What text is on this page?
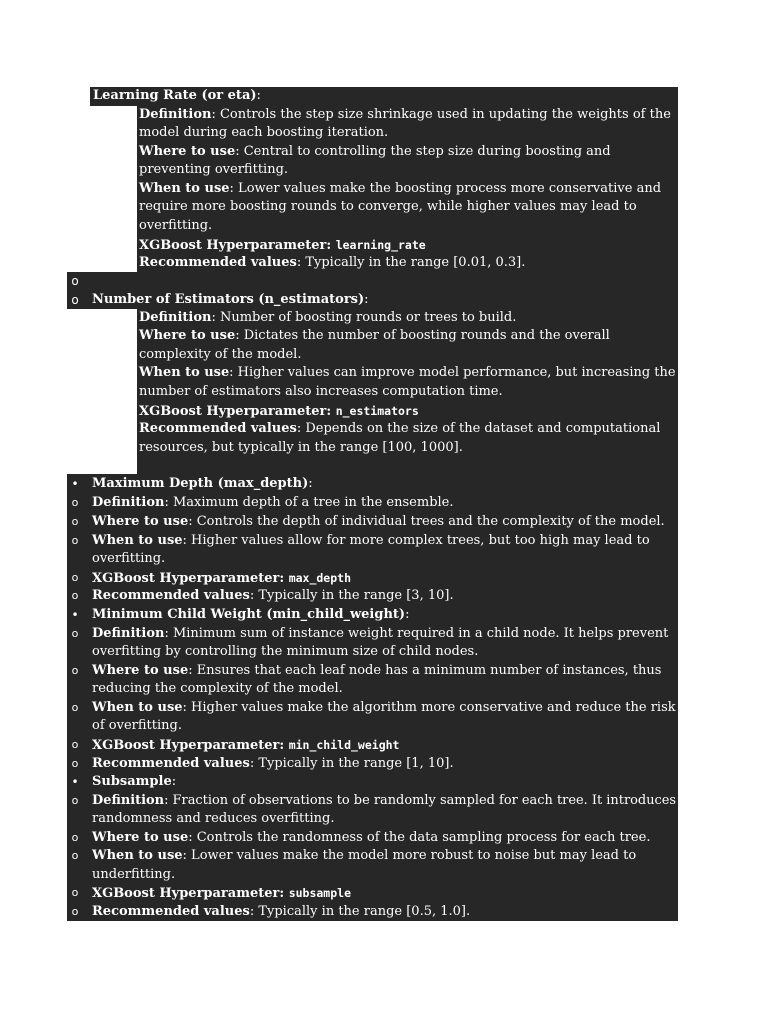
Learning Rate (or eta):
Definition: Controls the step size shrinkage used in updating the weights of the
model during each boosting iteration.
Where to use: Central to controlling the step size during boosting and
preventing overfitting.
When to use: Lower values make the boosting process more conservative and
require more boosting rounds to converge, while higher values may lead to
overfitting.
XGBoost Hyperparameter: learning_rate
Recommended values: Typically in the range [0.01, 0.3].
o
o	Number of Estimators (n_estimators):
Definition: Number of boosting rounds or trees to build.
Where to use: Dictates the number of boosting rounds and the overall
complexity of the model.
When to use: Higher values can improve model performance, but increasing the
number of estimators also increases computation time.
XGBoost Hyperparameter: n_estimators
Recommended values: Depends on the size of the dataset and computational
resources, but typically in the range [100, 1000].
•	Maximum Depth (max_depth):
o	Definition: Maximum depth of a tree in the ensemble.
o	Where to use: Controls the depth of individual trees and the complexity of the model.
o	When to use: Higher values allow for more complex trees, but too high may lead to
overfitting.
o	XGBoost Hyperparameter: max_depth
o	Recommended values: Typically in the range [3, 10].
•	Minimum Child Weight (min_child_weight):
o	Definition: Minimum sum of instance weight required in a child node. It helps prevent
overfitting by controlling the minimum size of child nodes.
o	Where to use: Ensures that each leaf node has a minimum number of instances, thus
reducing the complexity of the model.
o	When to use: Higher values make the algorithm more conservative and reduce the risk
of overfitting.
o	XGBoost Hyperparameter: min_child_weight
o	Recommended values: Typically in the range [1, 10].
•	Subsample:
o	Definition: Fraction of observations to be randomly sampled for each tree. It introduces
randomness and reduces overfitting.
o	Where to use: Controls the randomness of the data sampling process for each tree.
o	When to use: Lower values make the model more robust to noise but may lead to
underfitting.
o	XGBoost Hyperparameter: subsample
o	Recommended values: Typically in the range [0.5, 1.0].
